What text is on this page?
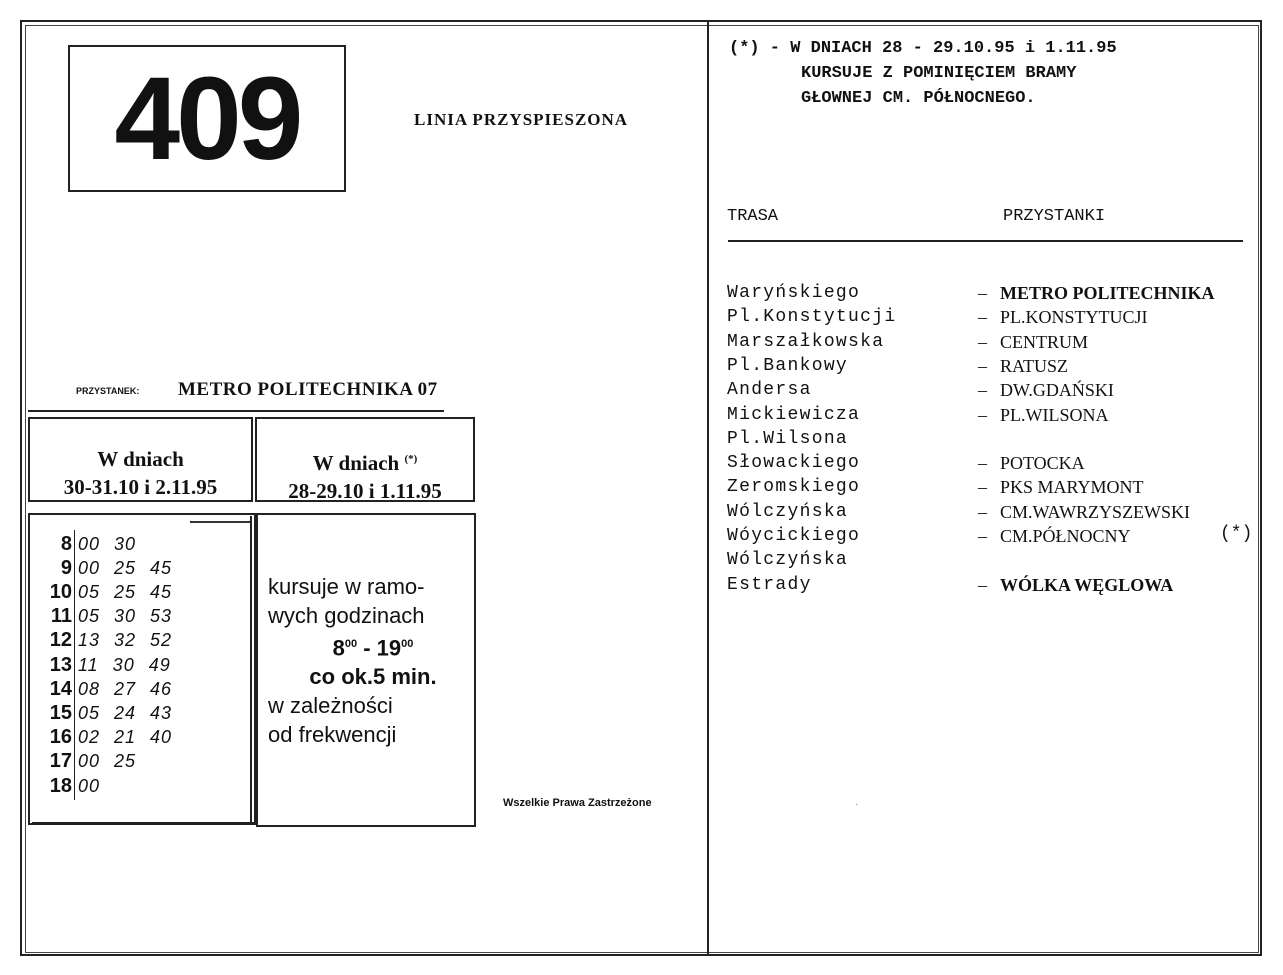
409	LINIA PRZYSPIESZONA
PRZYSTANEK: METRO POLITECHNIKA 07
W dniach
30-31.10 i 2.11.95
W dniach (*)
28-29.10 i 1.11.95
8 00 30
9 00 25 45
10 05 25 45
11 05 30 53
12 13 32 52
13 11 30 49
14 08 27 46
15 05 24 43
16 02 21 40
17 00 25
18 00
kursuje w ramo-
wych godzinach
$8^{00} - 19^{00}$
co ok.5 min.
w zależności
od frekwencji
Wszelkie Prawa Zastrzeżone
(*) - W DNIACH 28 - 29.10.95 i 1.11.95
KURSUJE Z POMINIĘCIEM BRAMY
GŁOWNEJ CM. PÓŁNOCNEGO.
TRASA	PRZYSTANKI
Waryńskiego	– METRO POLITECHNIKA
Pl.Konstytucji	– PL.KONSTYTUCJI
Marszałkowska	– CENTRUM
Pl.Bankowy	– RATUSZ
Andersa	– DW.GDAŃSKI
Mickiewicza	– PL.WILSONA
Pl.Wilsona
Słowackiego	– POTOCKA
Zeromskiego	– PKS MARYMONT
Wólczyńska	– CM.WAWRZYSZEWSKI
Wóycickiego	– CM.PÓŁNOCNY
Wólczyńska
Estrady	– WÓLKA WĘGLOWA
(*)
·
